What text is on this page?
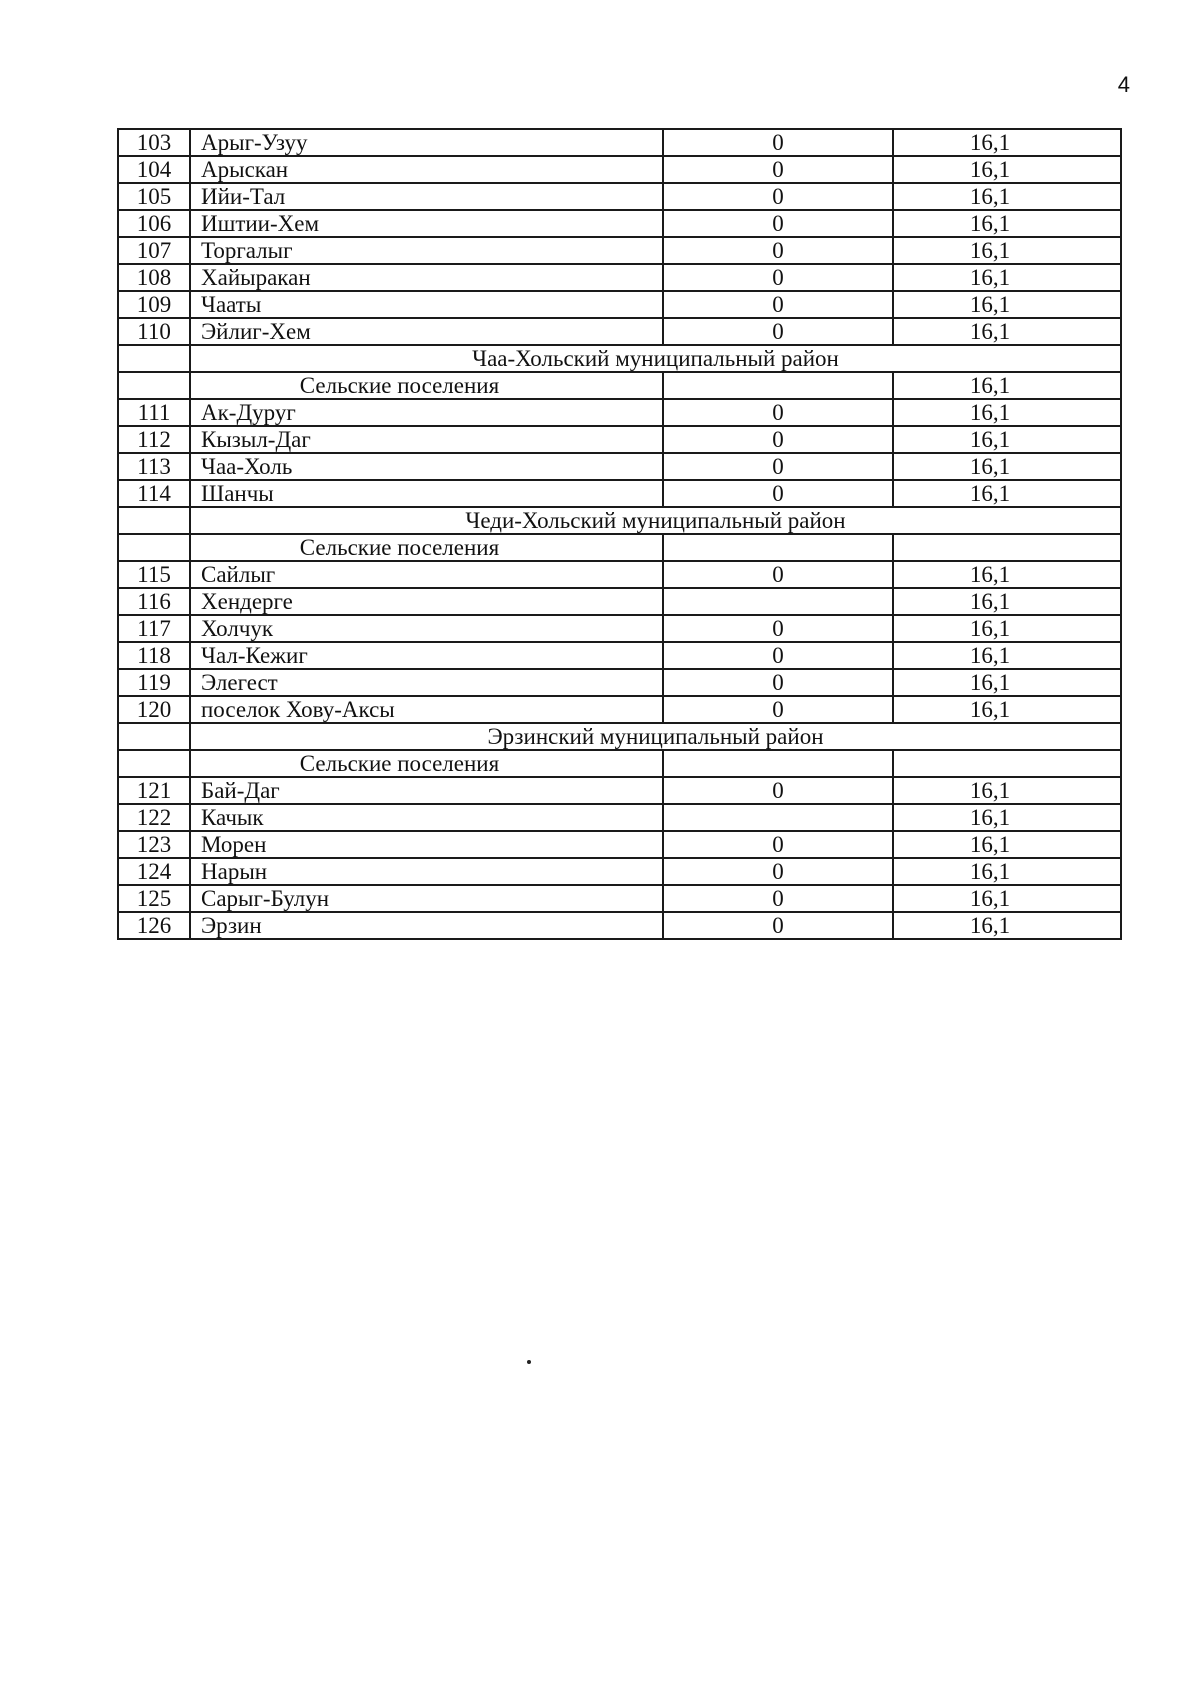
4
103	Арыг-Узуу	0	16,1
104	Арыскан	0	16,1
105	Ийи-Тал	0	16,1
106	Иштии-Хем	0	16,1
107	Торгалыг	0	16,1
108	Хайыракан	0	16,1
109	Чааты	0	16,1
110	Эйлиг-Хем	0	16,1
	Чаа-Хольский муниципальный район		
	Сельские поселения		16,1
111	Ак-Дуруг	0	16,1
112	Кызыл-Даг	0	16,1
113	Чаа-Холь	0	16,1
114	Шанчы	0	16,1
	Чеди-Хольский муниципальный район		
	Сельские поселения		
115	Сайлыг	0	16,1
116	Хендерге		16,1
117	Холчук	0	16,1
118	Чал-Кежиг	0	16,1
119	Элегест	0	16,1
120	поселок Хову-Аксы	0	16,1
	Эрзинский муниципальный район		
	Сельские поселения		
121	Бай-Даг	0	16,1
122	Качык		16,1
123	Морен	0	16,1
124	Нарын	0	16,1
125	Сарыг-Булун	0	16,1
126	Эрзин	0	16,1
